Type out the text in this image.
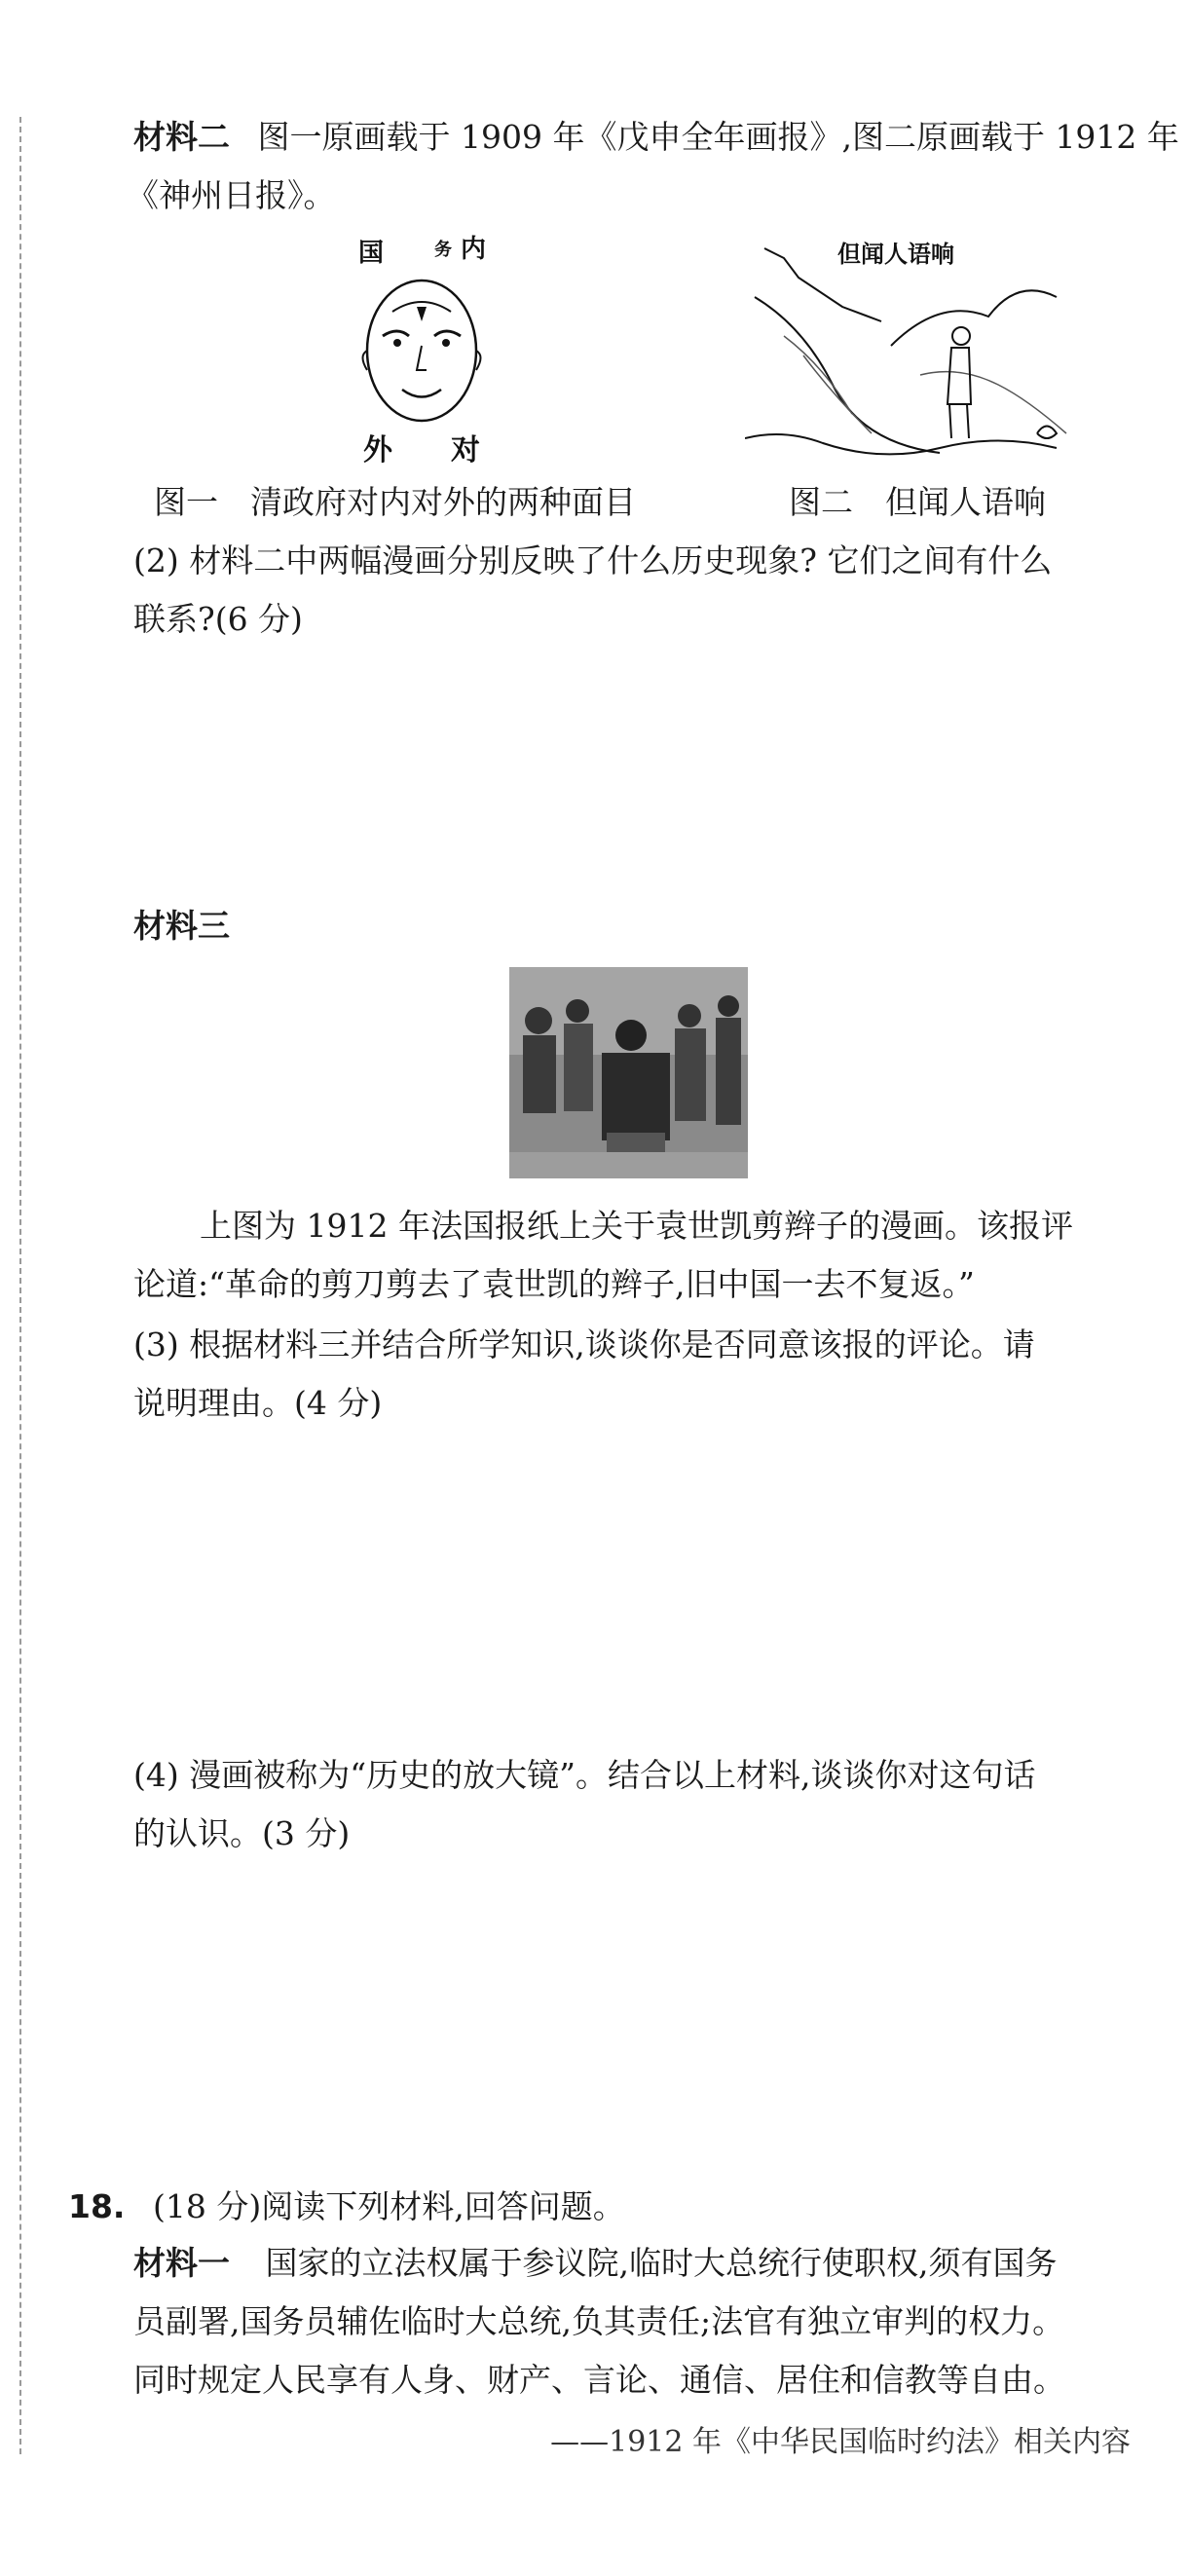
材料二 图一原画载于 1909 年《戊申全年画报》,图二原画载于 1912 年
《神州日报》。
国	务 内
外 对
但闻人语响
图一　清政府对内对外的两种面目	图二　但闻人语响
(2) 材料二中两幅漫画分别反映了什么历史现象? 它们之间有什么
联系?(6 分)
材料三
上图为 1912 年法国报纸上关于袁世凯剪辫子的漫画。该报评
论道:“革命的剪刀剪去了袁世凯的辫子,旧中国一去不复返。”
(3) 根据材料三并结合所学知识,谈谈你是否同意该报的评论。请
说明理由。(4 分)
(4) 漫画被称为“历史的放大镜”。结合以上材料,谈谈你对这句话
的认识。(3 分)
18. (18 分)阅读下列材料,回答问题。
材料一 国家的立法权属于参议院,临时大总统行使职权,须有国务
员副署,国务员辅佐临时大总统,负其责任;法官有独立审判的权力。
同时规定人民享有人身、财产、言论、通信、居住和信教等自由。
——1912 年《中华民国临时约法》相关内容
